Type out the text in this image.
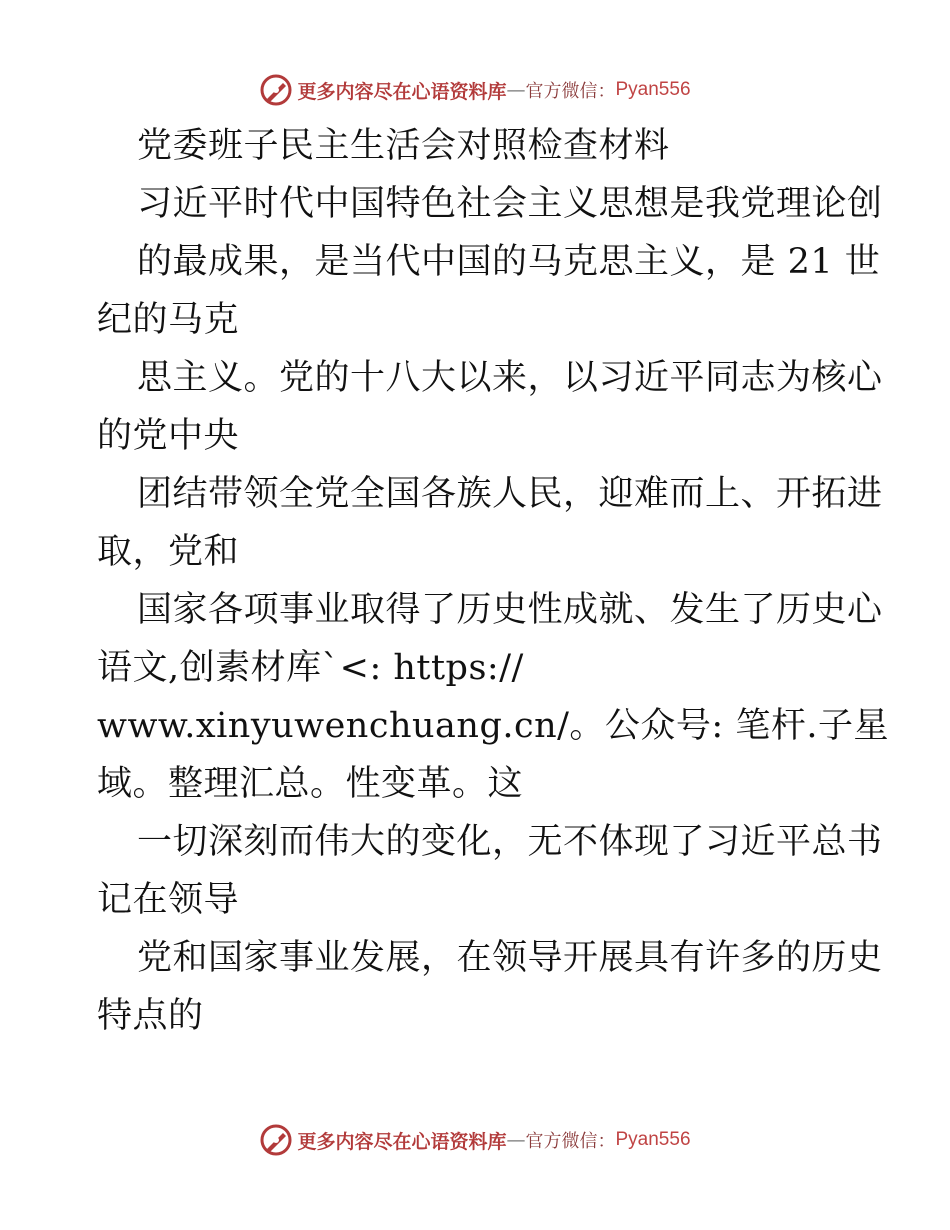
更多内容尽在心语资料库 — 官方微信： Pyan556
党委班子民主生活会对照检查材料
习近平时代中国特色社会主义思想是我党理论创
的最成果，是当代中国的马克思主义，是 21 世
纪的马克
思主义。党的十八大以来，以习近平同志为核心
的党中央
团结带领全党全国各族人民，迎难而上、开拓进
取，党和
国家各项事业取得了历史性成就、发生了历史心
语文,创素材库`<: https://
www.xinyuwenchuang.cn/。公众号: 笔杆.子星
域。整理汇总。性变革。这
一切深刻而伟大的变化，无不体现了习近平总书
记在领导
党和国家事业发展，在领导开展具有许多的历史
特点的
更多内容尽在心语资料库 — 官方微信： Pyan556
